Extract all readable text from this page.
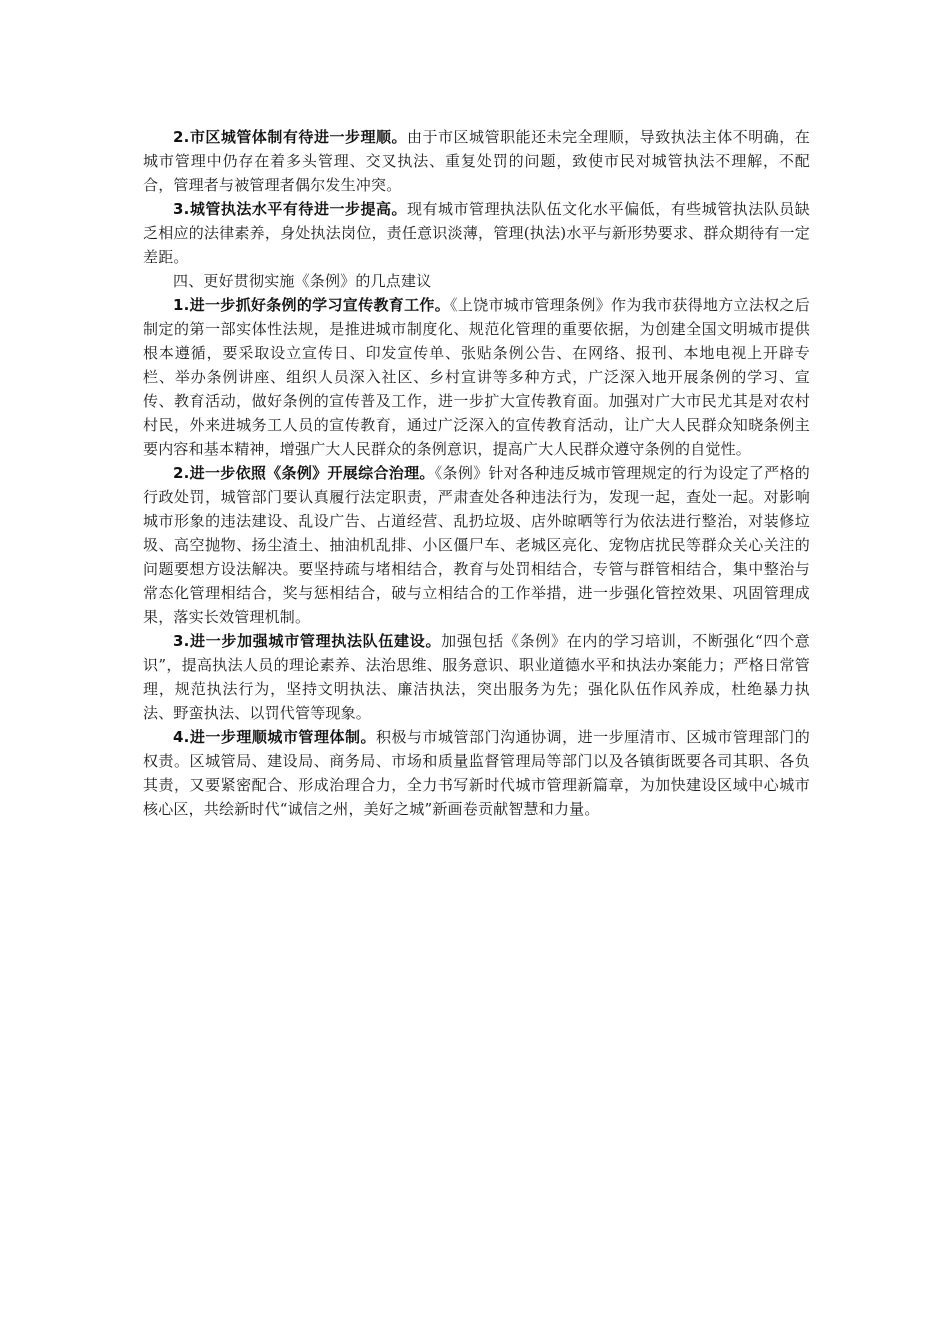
2.市区城管体制有待进一步理顺。由于市区城管职能还未完全理顺，导致执法主体不明确，在城市管理中仍存在着多头管理、交叉执法、重复处罚的问题，致使市民对城管执法不理解，不配合，管理者与被管理者偶尔发生冲突。

3.城管执法水平有待进一步提高。现有城市管理执法队伍文化水平偏低，有些城管执法队员缺乏相应的法律素养，身处执法岗位，责任意识淡薄，管理(执法)水平与新形势要求、群众期待有一定差距。

四、更好贯彻实施《条例》的几点建议

1.进一步抓好条例的学习宣传教育工作。《上饶市城市管理条例》作为我市获得地方立法权之后制定的第一部实体性法规，是推进城市制度化、规范化管理的重要依据，为创建全国文明城市提供根本遵循，要采取设立宣传日、印发宣传单、张贴条例公告、在网络、报刊、本地电视上开辟专栏、举办条例讲座、组织人员深入社区、乡村宣讲等多种方式，广泛深入地开展条例的学习、宣传、教育活动，做好条例的宣传普及工作，进一步扩大宣传教育面。加强对广大市民尤其是对农村村民，外来进城务工人员的宣传教育，通过广泛深入的宣传教育活动，让广大人民群众知晓条例主要内容和基本精神，增强广大人民群众的条例意识，提高广大人民群众遵守条例的自觉性。

2.进一步依照《条例》开展综合治理。《条例》针对各种违反城市管理规定的行为设定了严格的行政处罚，城管部门要认真履行法定职责，严肃查处各种违法行为，发现一起，查处一起。对影响城市形象的违法建设、乱设广告、占道经营、乱扔垃圾、店外晾晒等行为依法进行整治，对装修垃圾、高空抛物、扬尘渣土、抽油机乱排、小区僵尸车、老城区亮化、宠物店扰民等群众关心关注的问题要想方设法解决。要坚持疏与堵相结合，教育与处罚相结合，专管与群管相结合，集中整治与常态化管理相结合，奖与惩相结合，破与立相结合的工作举措，进一步强化管控效果、巩固管理成果，落实长效管理机制。

3.进一步加强城市管理执法队伍建设。加强包括《条例》在内的学习培训，不断强化“四个意识”，提高执法人员的理论素养、法治思维、服务意识、职业道德水平和执法办案能力；严格日常管理，规范执法行为，坚持文明执法、廉洁执法，突出服务为先；强化队伍作风养成，杜绝暴力执法、野蛮执法、以罚代管等现象。

4.进一步理顺城市管理体制。积极与市城管部门沟通协调，进一步厘清市、区城市管理部门的权责。区城管局、建设局、商务局、市场和质量监督管理局等部门以及各镇街既要各司其职、各负其责，又要紧密配合、形成治理合力，全力书写新时代城市管理新篇章，为加快建设区域中心城市核心区，共绘新时代“诚信之州，美好之城”新画卷贡献智慧和力量。
